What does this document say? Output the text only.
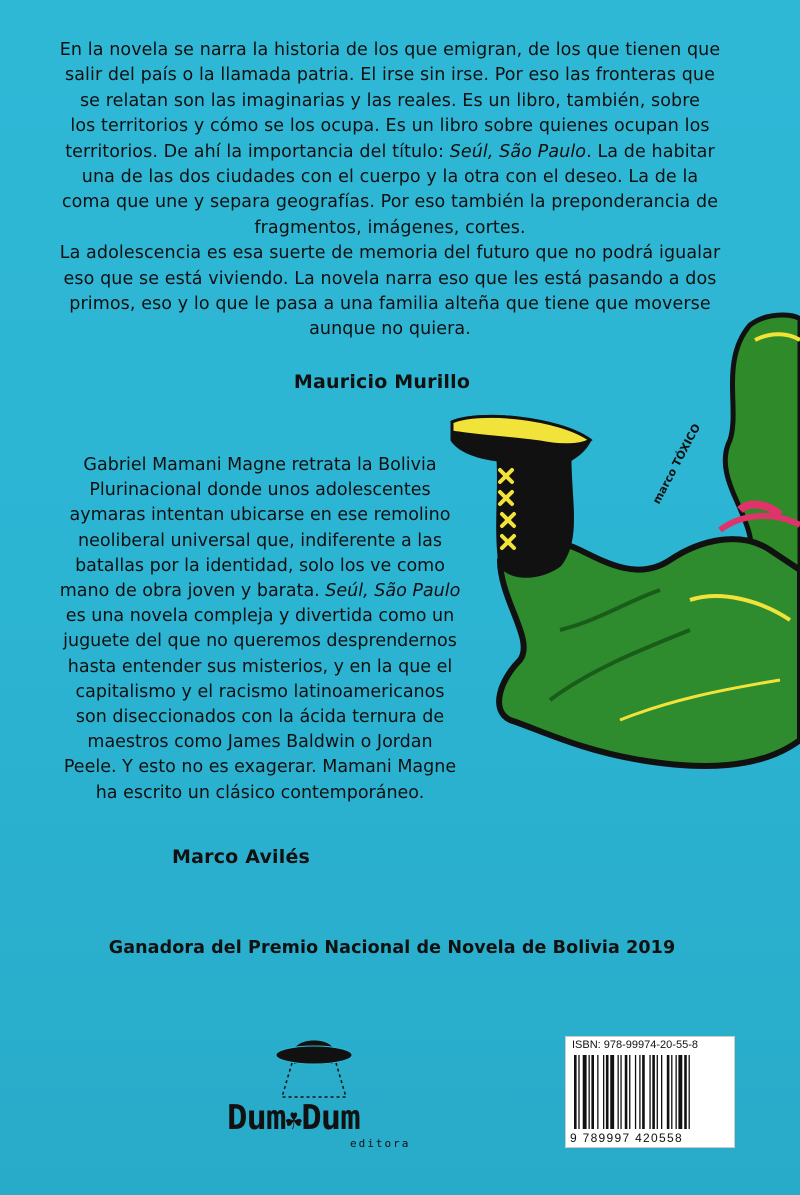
En la novela se narra la historia de los que emigran, de los que tienen que
salir del país o la llamada patria. El irse sin irse. Por eso las fronteras que
se relatan son las imaginarias y las reales. Es un libro, también, sobre
los territorios y cómo se los ocupa. Es un libro sobre quienes ocupan los
territorios. De ahí la importancia del título: Seúl, São Paulo. La de habitar
una de las dos ciudades con el cuerpo y la otra con el deseo. La de la
coma que une y separa geografías. Por eso también la preponderancia de
fragmentos, imágenes, cortes.

La adolescencia es esa suerte de memoria del futuro que no podrá igualar
eso que se está viviendo. La novela narra eso que les está pasando a dos
primos, eso y lo que le pasa a una familia alteña que tiene que moverse
aunque no quiera.

Mauricio Murillo
marco TÓXICO
Gabriel Mamani Magne retrata la Bolivia
Plurinacional donde unos adolescentes
aymaras intentan ubicarse en ese remolino
neoliberal universal que, indiferente a las
batallas por la identidad, solo los ve como
mano de obra joven y barata. Seúl, São Paulo
es una novela compleja y divertida como un
juguete del que no queremos desprendernos
hasta entender sus misterios, y en la que el
capitalismo y el racismo latinoamericanos
son diseccionados con la ácida ternura de
maestros como James Baldwin o Jordan
Peele. Y esto no es exagerar. Mamani Magne
ha escrito un clásico contemporáneo.
Marco Avilés
Ganadora del Premio Nacional de Novela de Bolivia 2019
Dum☘Dum
editora
ISBN: 978-99974-20-55-8
9 789997 420558
